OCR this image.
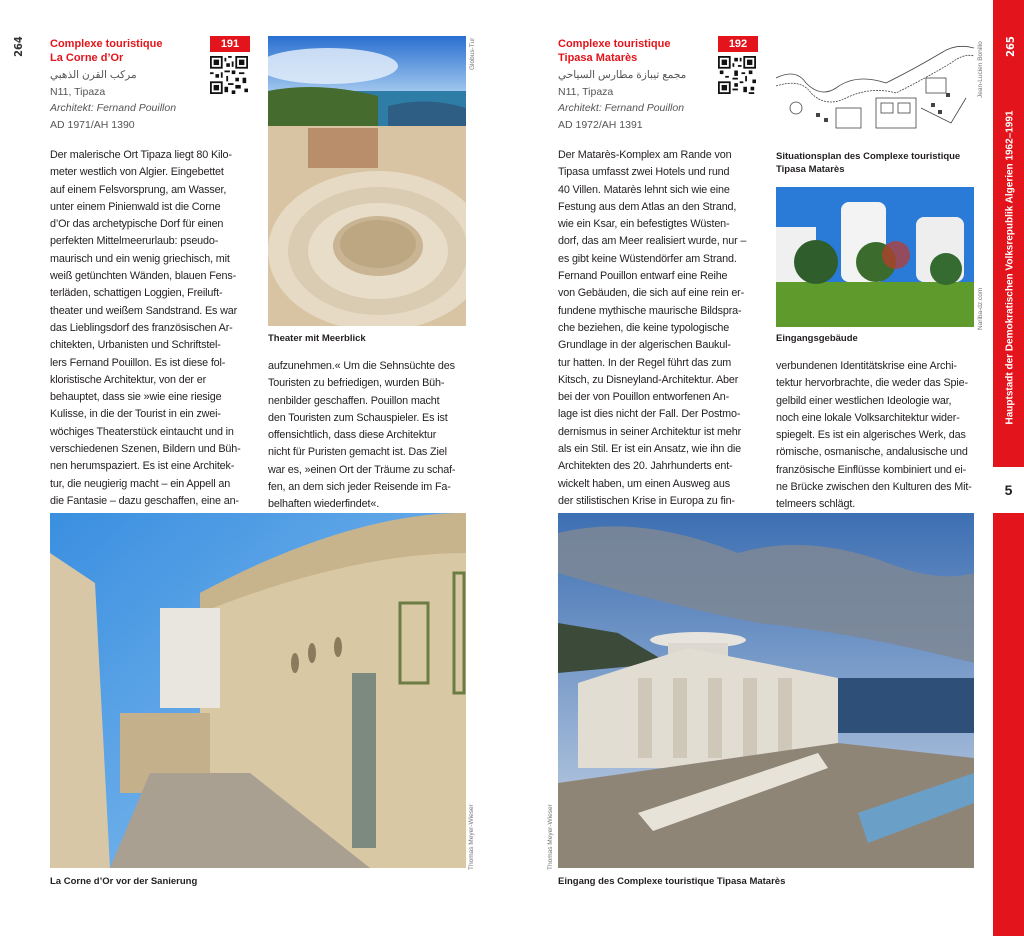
264 Complexe touristique
La Corne d’Or
191
مركب القرن الذهبي
N11, Tipaza
Architekt: Fernand Pouillon
AD 1971/AH 1390

Der malerische Ort Tipaza liegt 80 Kilo-

meter westlich von Algier. Eingebettet

auf einem Felsvorsprung, am Wasser,

unter einem Pinienwald ist die Corne

d’Or das archetypische Dorf für einen

perfekten Mittelmeerurlaub: pseudo-

maurisch und ein wenig griechisch, mit

weiß getünchten Wänden, blauen Fens-

terläden, schattigen Loggien, Freiluft-

theater und weißem Sandstrand. Es war

das Lieblingsdorf des französischen Ar-

chitekten, Urbanisten und Schriftstel-

lers Fernand Pouillon. Es ist diese fol-

kloristische Architektur, von der er

behauptet, dass sie »wie eine riesige

Kulisse, in die der Tourist in ein zwei-

wöchiges Theaterstück eintaucht und in

verschiedenen Szenen, Bildern und Büh-

nen herumspaziert. Es ist eine Architek-

tur, die neugierig macht – ein Appell an

die Fantasie – dazu geschaffen, eine an-

Globus-Tur
Theater mit Meerblick

aufzunehmen.« Um die Sehnsüchte des

Touristen zu befriedigen, wurden Büh-

nenbilder geschaffen. Pouillon macht

den Touristen zum Schauspieler. Es ist

offensichtlich, dass diese Architektur

nicht für Puristen gemacht ist. Das Ziel

war es, »einen Ort der Träume zu schaf-

fen, an dem sich jeder Reisende im Fa-

belhaften wiederfindet«.

Thomas Meyer-Wieser
La Corne d’Or vor der Sanierung
Complexe touristique
Tipasa Matarès
192
مجمع تيبازة مطارس السياحي
N11, Tipaza
Architekt: Fernand Pouillon
AD 1972/AH 1391

Der Matarès-Komplex am Rande von

Tipasa umfasst zwei Hotels und rund

40 Villen. Matarès lehnt sich wie eine

Festung aus dem Atlas an den Strand,

wie ein Ksar, ein befestigtes Wüsten-

dorf, das am Meer realisiert wurde, nur –

es gibt keine Wüstendörfer am Strand.

Fernand Pouillon entwarf eine Reihe

von Gebäuden, die sich auf eine rein er-

fundene mythische maurische Bildspra-

che beziehen, die keine typologische

Grundlage in der algerischen Baukul-

tur hatten. In der Regel führt das zum

Kitsch, zu Disneyland-Architektur. Aber

bei der von Pouillon entworfenen An-

lage ist dies nicht der Fall. Der Postmo-

dernismus in seiner Architektur ist mehr

als ein Stil. Er ist ein Ansatz, wie ihn die

Architekten des 20. Jahrhunderts ent-

wickelt haben, um einen Ausweg aus

der stilistischen Krise in Europa zu fin-

Jean-Lucien Bonillo
Situationsplan des Complexe touristique
Tipasa Matarès
Nariba-dz.com
Eingangsgebäude

verbundenen Identitätskrise eine Archi-

tektur hervorbrachte, die weder das Spie-

gelbild einer westlichen Ideologie war,

noch eine lokale Volksarchitektur wider-

spiegelt. Es ist ein algerisches Werk, das

römische, osmanische, andalusische und

französische Einflüsse kombiniert und ei-

ne Brücke zwischen den Kulturen des Mit-

telmeers schlägt.

Thomas Meyer-Wieser
Eingang des Complexe touristique Tipasa Matarès
265
Hauptstadt der Demokratischen Volksrepublik Algerien 1962–1991
5
